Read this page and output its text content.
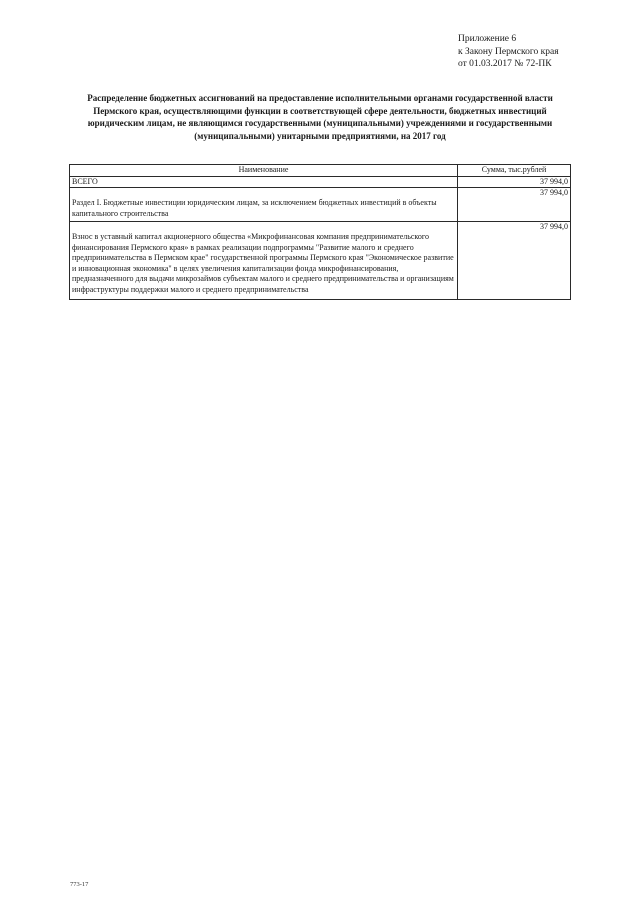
Приложение 6
к Закону Пермского края
от 01.03.2017 № 72-ПК
Распределение бюджетных ассигнований на предоставление исполнительными органами государственной власти Пермского края, осуществляющими функции в соответствующей сфере деятельности, бюджетных инвестиций юридическим лицам, не являющимся государственными (муниципальными) учреждениями и государственными (муниципальными) унитарными предприятиями, на 2017 год
Наименование	Сумма, тыс.рублей
ВСЕГО	37 994,0
Раздел I. Бюджетные инвестиции юридическим лицам, за исключением бюджетных инвестиций в объекты капитального строительства	37 994,0
Взнос в уставный капитал акционерного общества «Микрофинансовая компания предпринимательского финансирования Пермского края» в рамках реализации подпрограммы "Развитие малого и среднего предпринимательства в Пермском крае" государственной программы Пермского края "Экономическое развитие и инновационная экономика" в целях увеличения капитализации фонда микрофинансирования, предназначенного для выдачи микрозаймов субъектам малого и среднего предпринимательства и организациям инфраструктуры поддержки малого и среднего предпринимательства	37 994,0
773-17
